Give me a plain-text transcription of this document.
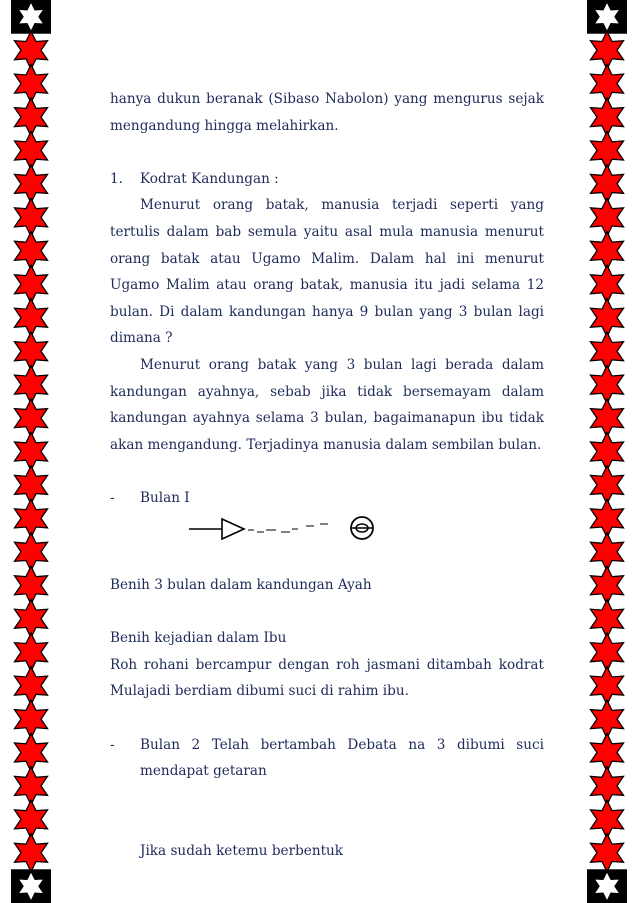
hanya dukun beranak (Sibaso Nabolon) yang mengurus sejak mengandung hingga melahirkan.

1.	Kodrat Kandungan :

Menurut orang batak, manusia terjadi seperti yang tertulis dalam bab semula yaitu asal mula manusia menurut orang batak atau Ugamo Malim. Dalam hal ini menurut Ugamo Malim atau orang batak, manusia itu jadi selama 12 bulan. Di dalam kandungan hanya 9 bulan yang 3 bulan lagi dimana ?

Menurut orang batak yang 3 bulan lagi berada dalam kandungan ayahnya, sebab jika tidak bersemayam dalam kandungan ayahnya selama 3 bulan, bagaimanapun ibu tidak akan mengandung. Terjadinya manusia dalam sembilan bulan.

-	Bulan I

Benih 3 bulan dalam kandungan Ayah

Benih kejadian dalam Ibu

Roh rohani bercampur dengan roh jasmani ditambah kodrat Mulajadi berdiam dibumi suci di rahim ibu.

-	Bulan 2 Telah bertambah Debata na 3 dibumi suci mendapat getaran
Jika sudah ketemu berbentuk
